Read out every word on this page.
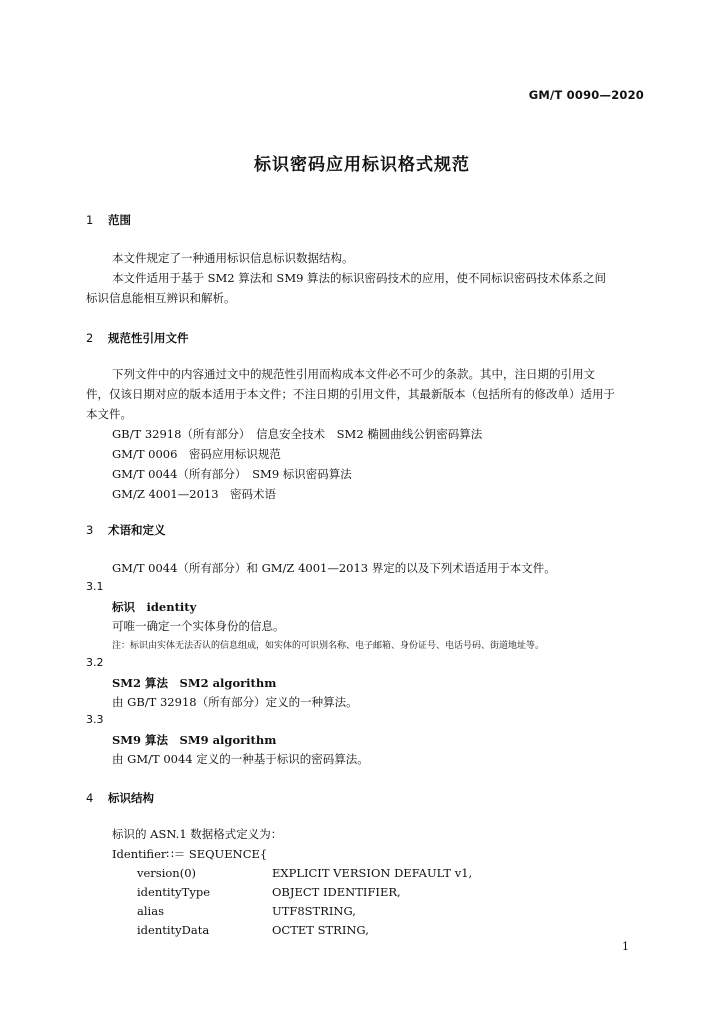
GM/T 0090—2020
标识密码应用标识格式规范
1 范围
本文件规定了一种通用标识信息标识数据结构。
本文件适用于基于 SM2 算法和 SM9 算法的标识密码技术的应用，使不同标识密码技术体系之间
标识信息能相互辨识和解析。
2 规范性引用文件
下列文件中的内容通过文中的规范性引用而构成本文件必不可少的条款。其中，注日期的引用文
件，仅该日期对应的版本适用于本文件；不注日期的引用文件，其最新版本（包括所有的修改单）适用于
本文件。
GB/T 32918（所有部分）　信息安全技术　SM2 椭圆曲线公钥密码算法
GM/T 0006　密码应用标识规范
GM/T 0044（所有部分）　SM9 标识密码算法
GM/Z 4001—2013　密码术语
3 术语和定义
GM/T 0044（所有部分）和 GM/Z 4001—2013 界定的以及下列术语适用于本文件。
3.1
标识　identity
可唯一确定一个实体身份的信息。
注：标识由实体无法否认的信息组成，如实体的可识别名称、电子邮箱、身份证号、电话号码、街道地址等。
3.2
SM2 算法　SM2 algorithm
由 GB/T 32918（所有部分）定义的一种算法。
3.3
SM9 算法　SM9 algorithm
由 GM/T 0044 定义的一种基于标识的密码算法。
4 标识结构
标识的 ASN.1 数据格式定义为：
Identifier∷＝ SEQUENCE{
version(0)	EXPLICIT VERSION DEFAULT v1,
identityType	OBJECT IDENTIFIER,
alias	UTF8STRING,
identityData	OCTET STRING,
1
